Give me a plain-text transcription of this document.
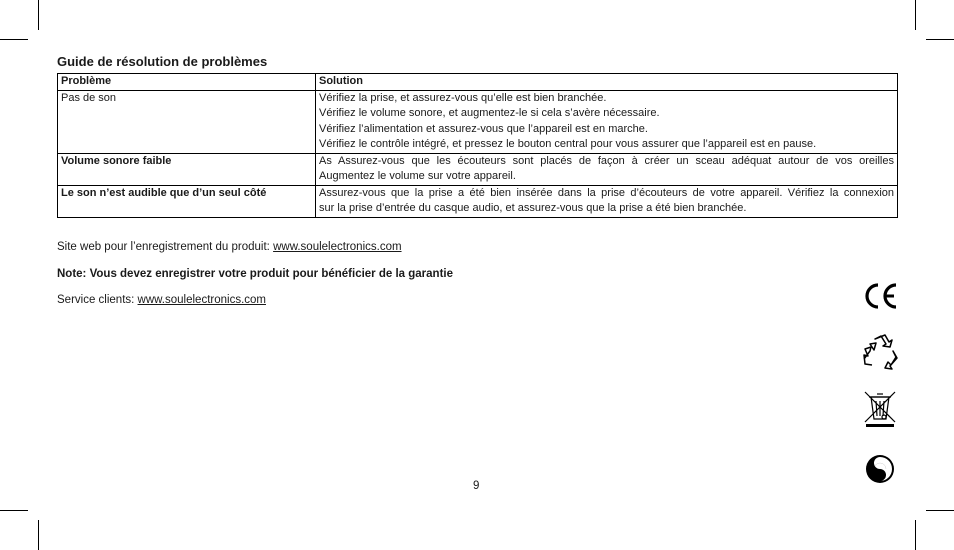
Guide de résolution de problèmes
Problème	Solution
Pas de son	Vérifiez la prise, et assurez-vous qu’elle est bien branchée.
Vérifiez le volume sonore, et augmentez-le si cela s’avère nécessaire.
Vérifiez l’alimentation et assurez-vous que l’appareil est en marche.
Vérifiez le contrôle intégré, et pressez le bouton central pour vous assurer que l’appareil est en pause.

Volume sonore faible	As Assurez-vous que les écouteurs sont placés de façon à créer un sceau adéquat autour de vos oreilles
Augmentez le volume sur votre appareil.

Le son n’est audible que d’un seul côté	Assurez-vous que la prise a été bien insérée dans la prise d’écouteurs de votre appareil. Vérifiez la connexion
sur la prise d’entrée du casque audio, et assurez-vous que la prise a été bien branchée.
Site web pour l’enregistrement du produit: www.soulelectronics.com
Note: Vous devez enregistrer votre produit pour bénéficier de la garantie
Service clients: www.soulelectronics.com
9
